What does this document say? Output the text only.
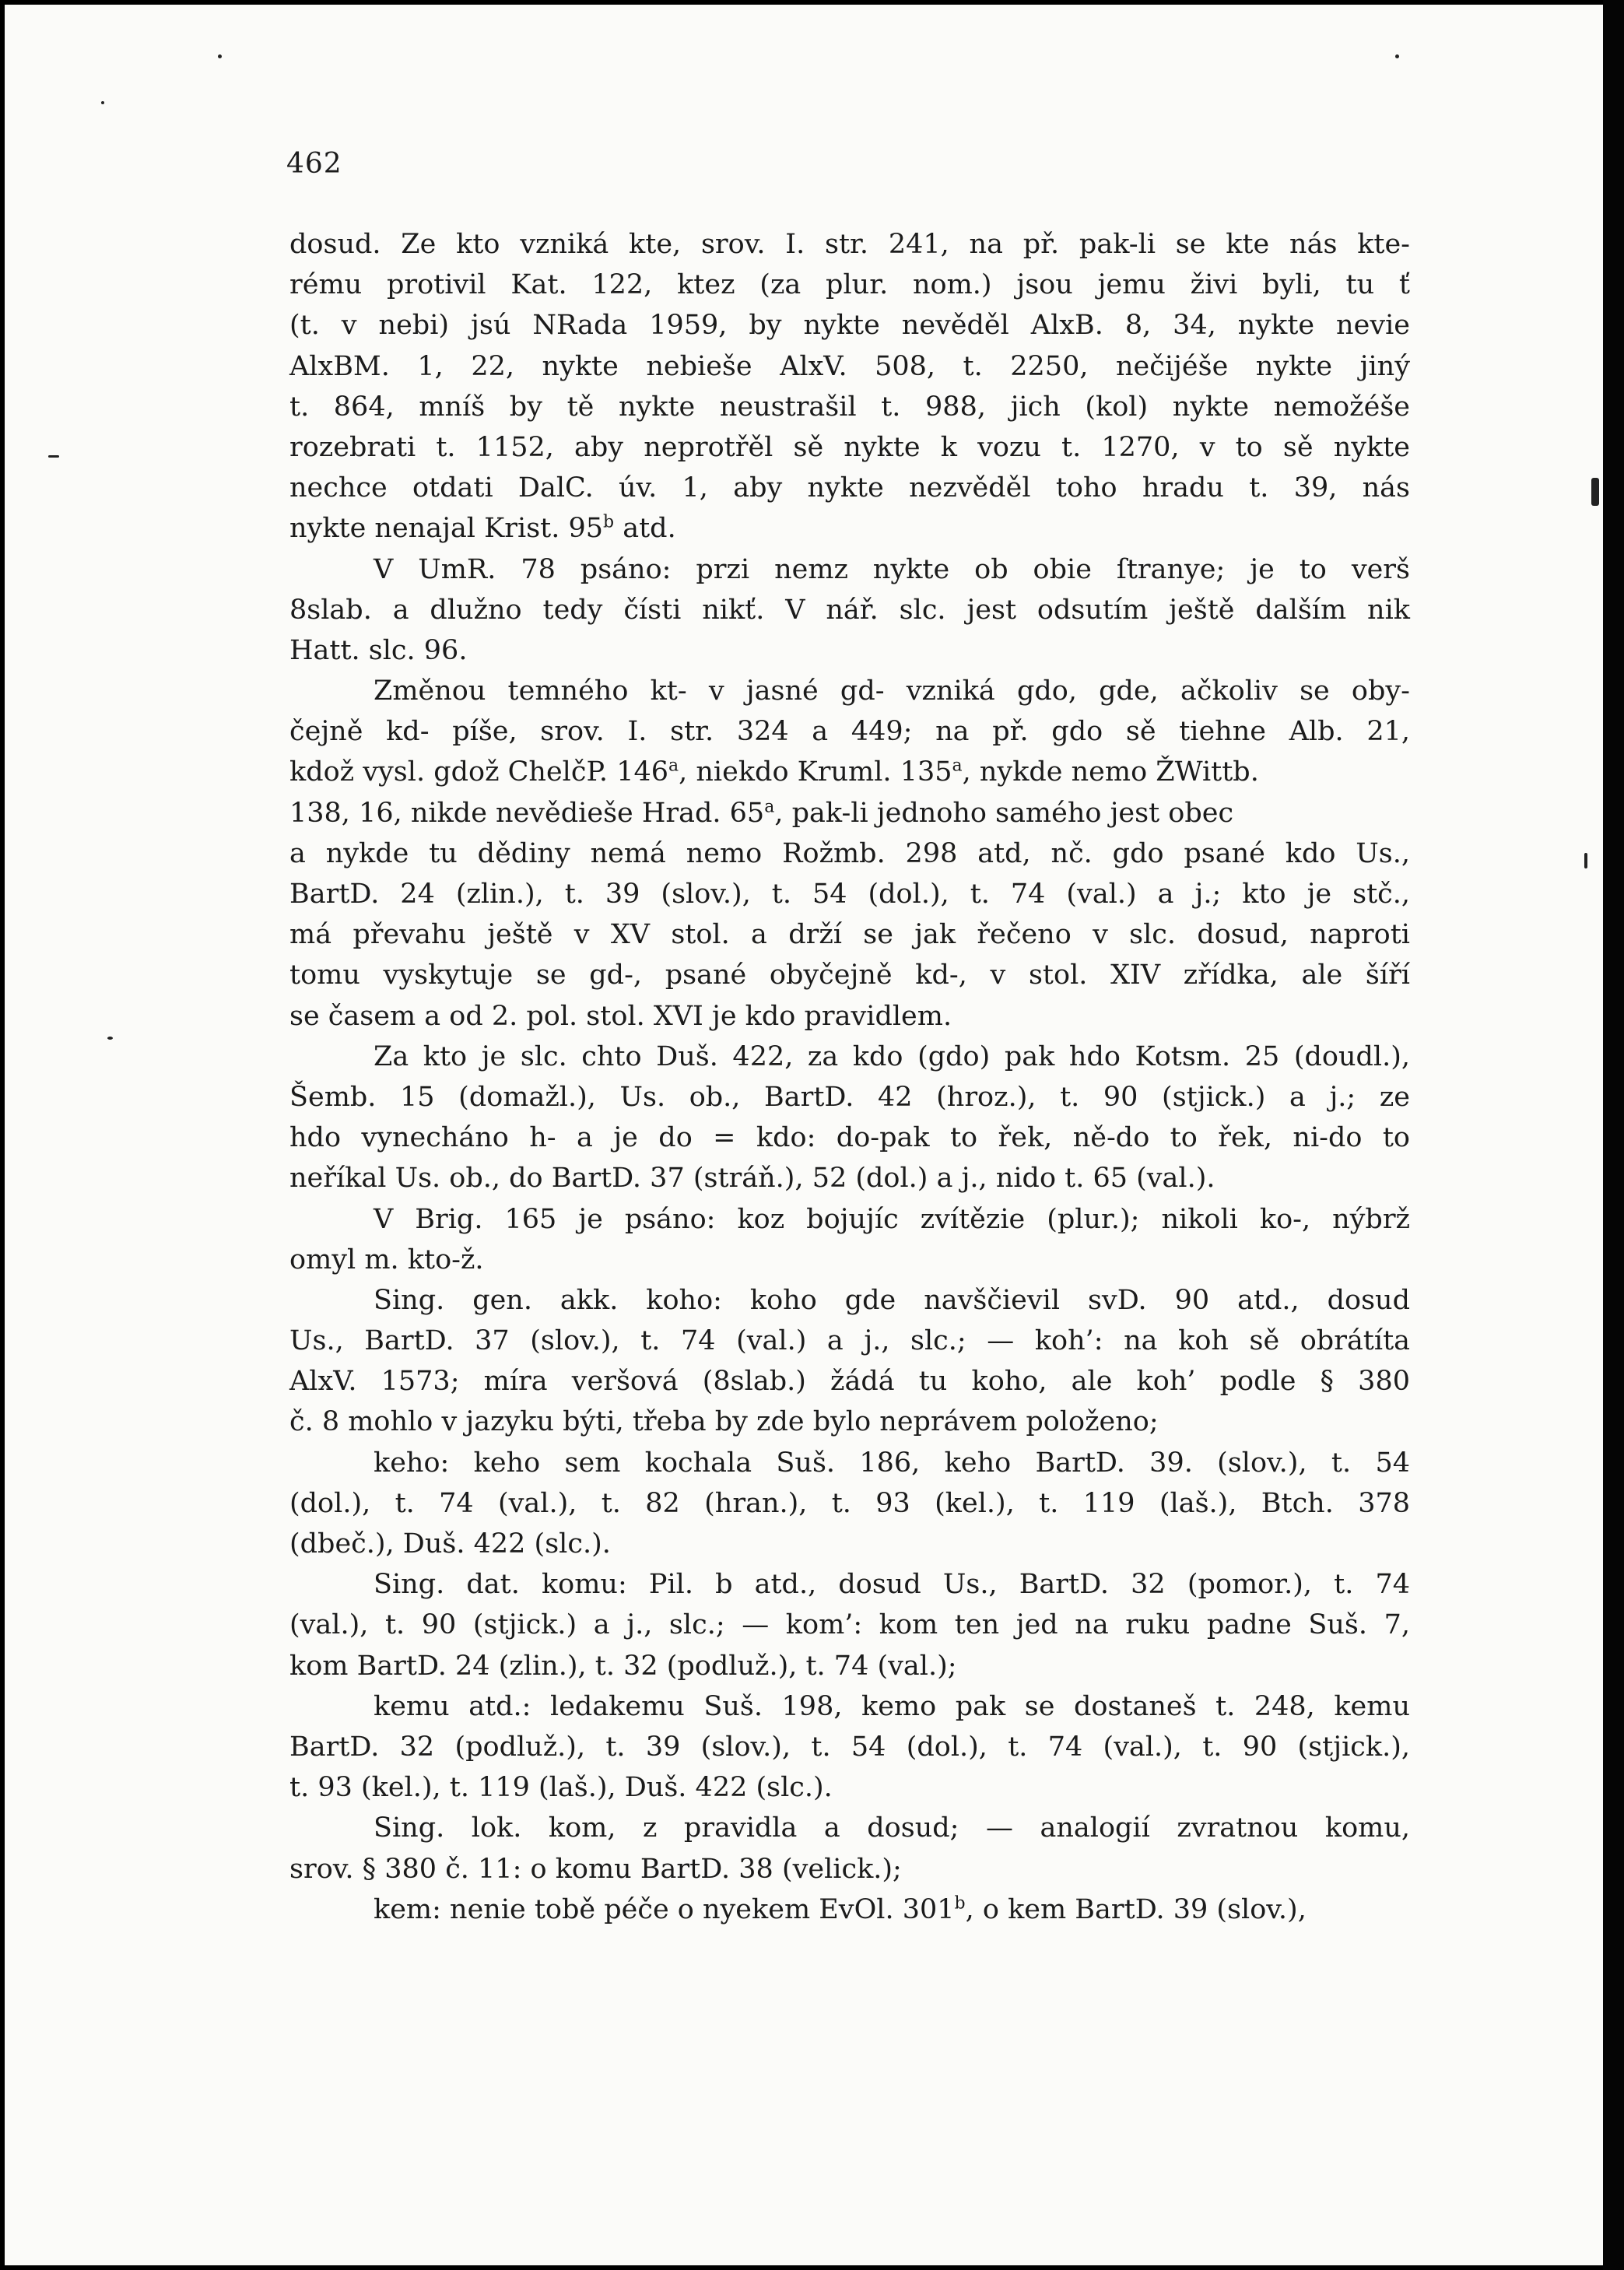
462
dosud. Ze kto vzniká kte, srov. I. str. 241, na př. pak-li se kte nás kte-
rému protivil Kat. 122, ktez (za plur. nom.) jsou jemu živi byli, tu ť
(t. v nebi) jsú NRada 1959, by nykte nevěděl AlxB. 8, 34, nykte nevie
AlxBM. 1, 22, nykte nebieše AlxV. 508, t. 2250, nečijéše nykte jiný
t. 864, mníš by tě nykte neustrašil t. 988, jich (kol) nykte nemožéše
rozebrati t. 1152, aby neprotřěl sě nykte k vozu t. 1270, v to sě nykte
nechce otdati DalC. úv. 1, aby nykte nezvěděl toho hradu t. 39, nás
nykte nenajal Krist. 95$^b$ atd.
V UmR. 78 psáno: przi nemz nykte ob obie ſtranye; je to verš
8slab. a dlužno tedy čísti nikť. V nář. slc. jest odsutím ještě dalším nik
Hatt. slc. 96.
Změnou temného kt- v jasné gd- vzniká gdo, gde, ačkoliv se oby-
čejně kd- píše, srov. I. str. 324 a 449; na př. gdo sě tiehne Alb. 21,
kdož vysl. gdož ChelčP. 146$^a$, niekdo Kruml. 135$^a$, nykde nemo ŽWittb.
138, 16, nikde nevědieše Hrad. 65$^a$, pak-li jednoho samého jest obec
a nykde tu dědiny nemá nemo Rožmb. 298 atd, nč. gdo psané kdo Us.,
BartD. 24 (zlin.), t. 39 (slov.), t. 54 (dol.), t. 74 (val.) a j.; kto je stč.,
má převahu ještě v XV stol. a drží se jak řečeno v slc. dosud, naproti
tomu vyskytuje se gd-, psané obyčejně kd-, v stol. XIV zřídka, ale šíří
se časem a od 2. pol. stol. XVI je kdo pravidlem.
Za kto je slc. chto Duš. 422, za kdo (gdo) pak hdo Kotsm. 25 (doudl.),
Šemb. 15 (domažl.), Us. ob., BartD. 42 (hroz.), t. 90 (stjick.) a j.; ze
hdo vynecháno h- a je do = kdo: do-pak to řek, ně-do to řek, ni-do to
neříkal Us. ob., do BartD. 37 (stráň.), 52 (dol.) a j., nido t. 65 (val.).
V Brig. 165 je psáno: koz bojujíc zvítězie (plur.); nikoli ko-, nýbrž
omyl m. kto-ž.
Sing. gen. akk. koho: koho gde navščievil svD. 90 atd., dosud
Us., BartD. 37 (slov.), t. 74 (val.) a j., slc.; — koh’: na koh sě obrátíta
AlxV. 1573; míra veršová (8slab.) žádá tu koho, ale koh’ podle § 380
č. 8 mohlo v jazyku býti, třeba by zde bylo neprávem položeno;
keho: keho sem kochala Suš. 186, keho BartD. 39. (slov.), t. 54
(dol.), t. 74 (val.), t. 82 (hran.), t. 93 (kel.), t. 119 (laš.), Btch. 378
(dbeč.), Duš. 422 (slc.).
Sing. dat. komu: Pil. b atd., dosud Us., BartD. 32 (pomor.), t. 74
(val.), t. 90 (stjick.) a j., slc.; — kom’: kom ten jed na ruku padne Suš. 7,
kom BartD. 24 (zlin.), t. 32 (podluž.), t. 74 (val.);
kemu atd.: ledakemu Suš. 198, kemo pak se dostaneš t. 248, kemu
BartD. 32 (podluž.), t. 39 (slov.), t. 54 (dol.), t. 74 (val.), t. 90 (stjick.),
t. 93 (kel.), t. 119 (laš.), Duš. 422 (slc.).
Sing. lok. kom, z pravidla a dosud; — analogií zvratnou komu,
srov. § 380 č. 11: o komu BartD. 38 (velick.);
kem: nenie tobě péče o nyekem EvOl. 301$^b$, o kem BartD. 39 (slov.),
